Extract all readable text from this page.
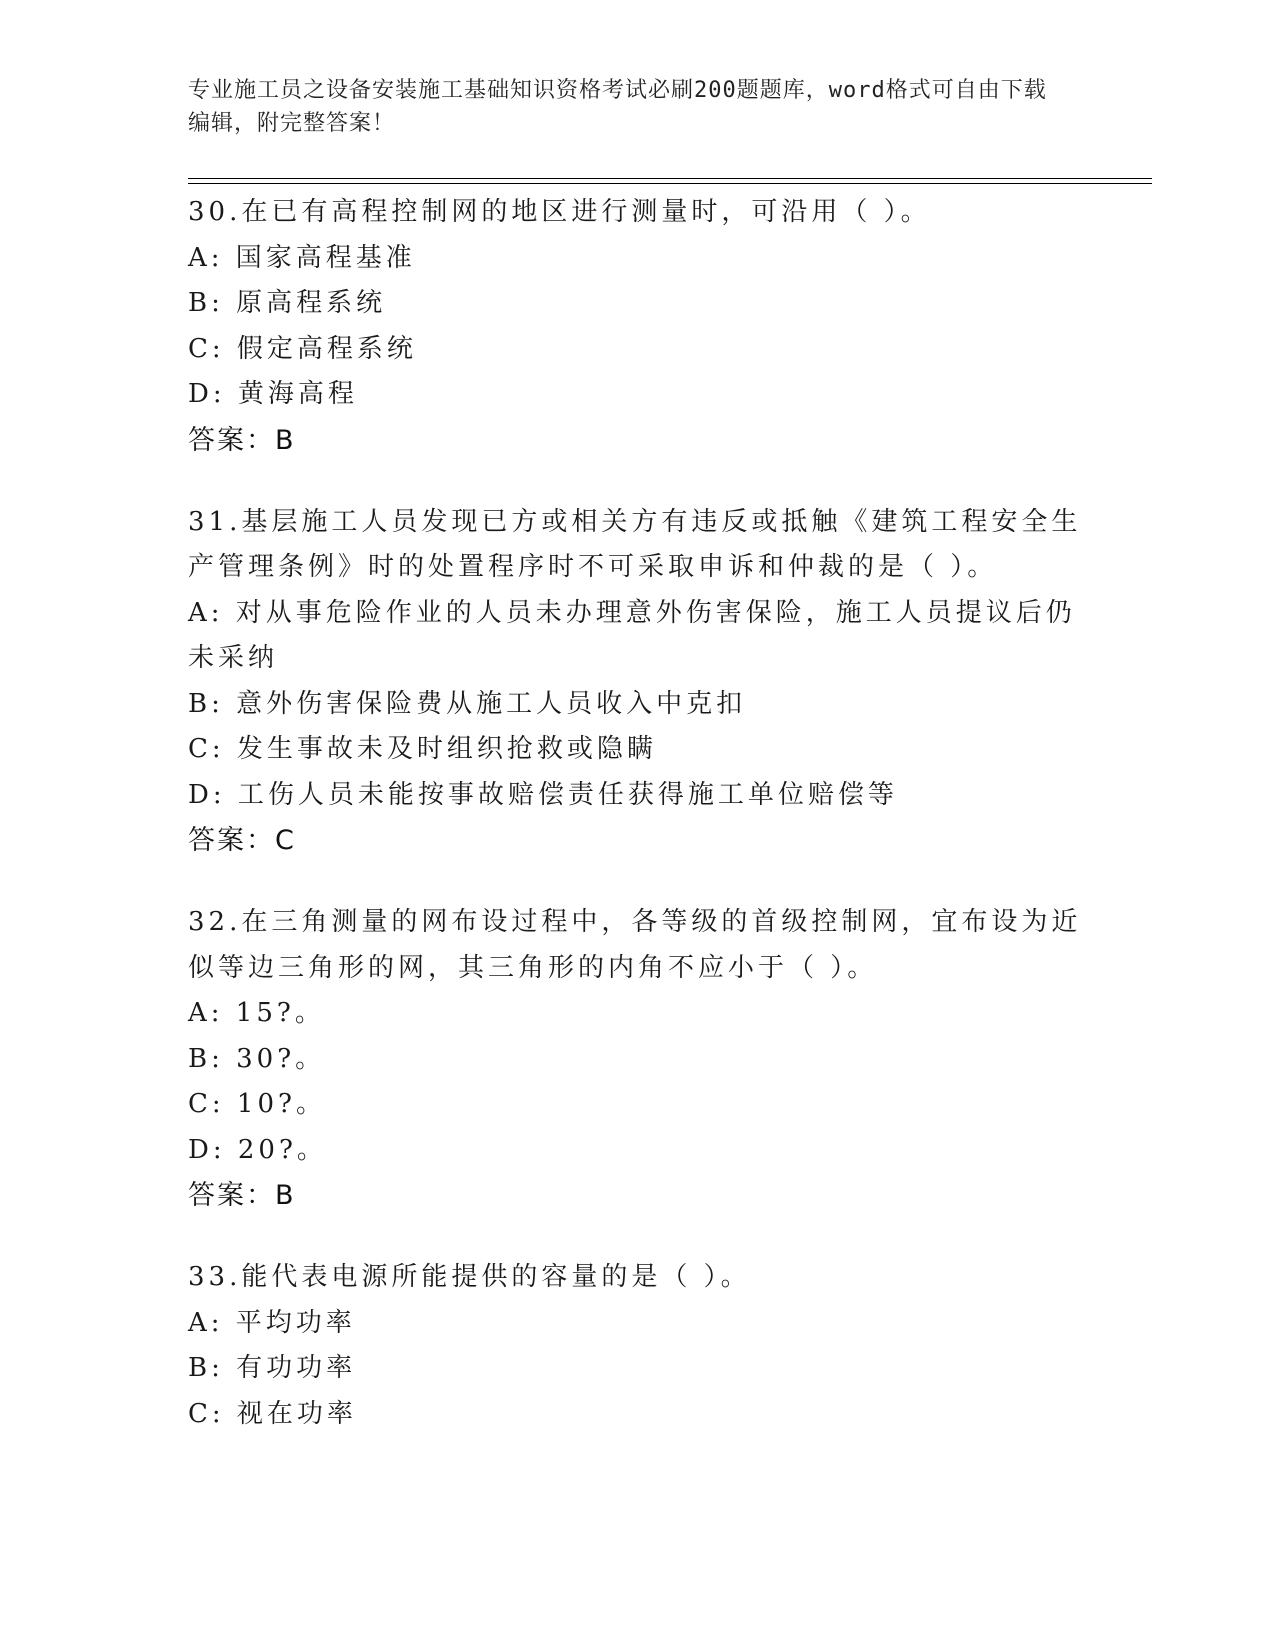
专业施工员之设备安装施工基础知识资格考试必刷200题题库，word格式可自由下载编辑，附完整答案！
30.在已有高程控制网的地区进行测量时，可沿用（ ）。
A: 国家高程基准
B: 原高程系统
C: 假定高程系统
D: 黄海高程
答案：B
31.基层施工人员发现已方或相关方有违反或抵触《建筑工程安全生产管理条例》时的处置程序时不可采取申诉和仲裁的是（ ）。
A: 对从事危险作业的人员未办理意外伤害保险，施工人员提议后仍未采纳
B: 意外伤害保险费从施工人员收入中克扣
C: 发生事故未及时组织抢救或隐瞒
D: 工伤人员未能按事故赔偿责任获得施工单位赔偿等
答案：C
32.在三角测量的网布设过程中，各等级的首级控制网，宜布设为近似等边三角形的网，其三角形的内角不应小于（ ）。
A: 15?。
B: 30?。
C: 10?。
D: 20?。
答案：B
33.能代表电源所能提供的容量的是（ ）。
A: 平均功率
B: 有功功率
C: 视在功率
